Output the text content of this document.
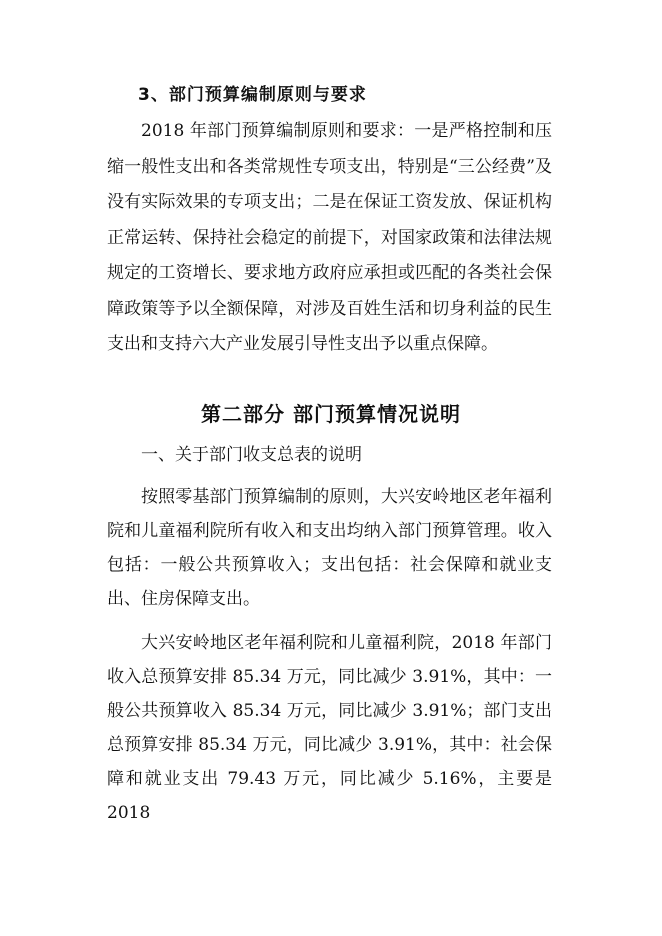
3、部门预算编制原则与要求

2018 年部门预算编制原则和要求：一是严格控制和压缩一般性支出和各类常规性专项支出，特别是“三公经费”及没有实际效果的专项支出；二是在保证工资发放、保证机构正常运转、保持社会稳定的前提下，对国家政策和法律法规规定的工资增长、要求地方政府应承担或匹配的各类社会保障政策等予以全额保障，对涉及百姓生活和切身利益的民生支出和支持六大产业发展引导性支出予以重点保障。

第二部分 部门预算情况说明
一、关于部门收支总表的说明

按照零基部门预算编制的原则，大兴安岭地区老年福利院和儿童福利院所有收入和支出均纳入部门预算管理。收入包括：一般公共预算收入；支出包括：社会保障和就业支出、住房保障支出。

大兴安岭地区老年福利院和儿童福利院，2018 年部门收入总预算安排 85.34 万元，同比减少 3.91%，其中：一般公共预算收入 85.34 万元，同比减少 3.91%；部门支出总预算安排 85.34 万元，同比减少 3.91%，其中：社会保障和就业支出 79.43 万元，同比减少 5.16%，主要是 2018
